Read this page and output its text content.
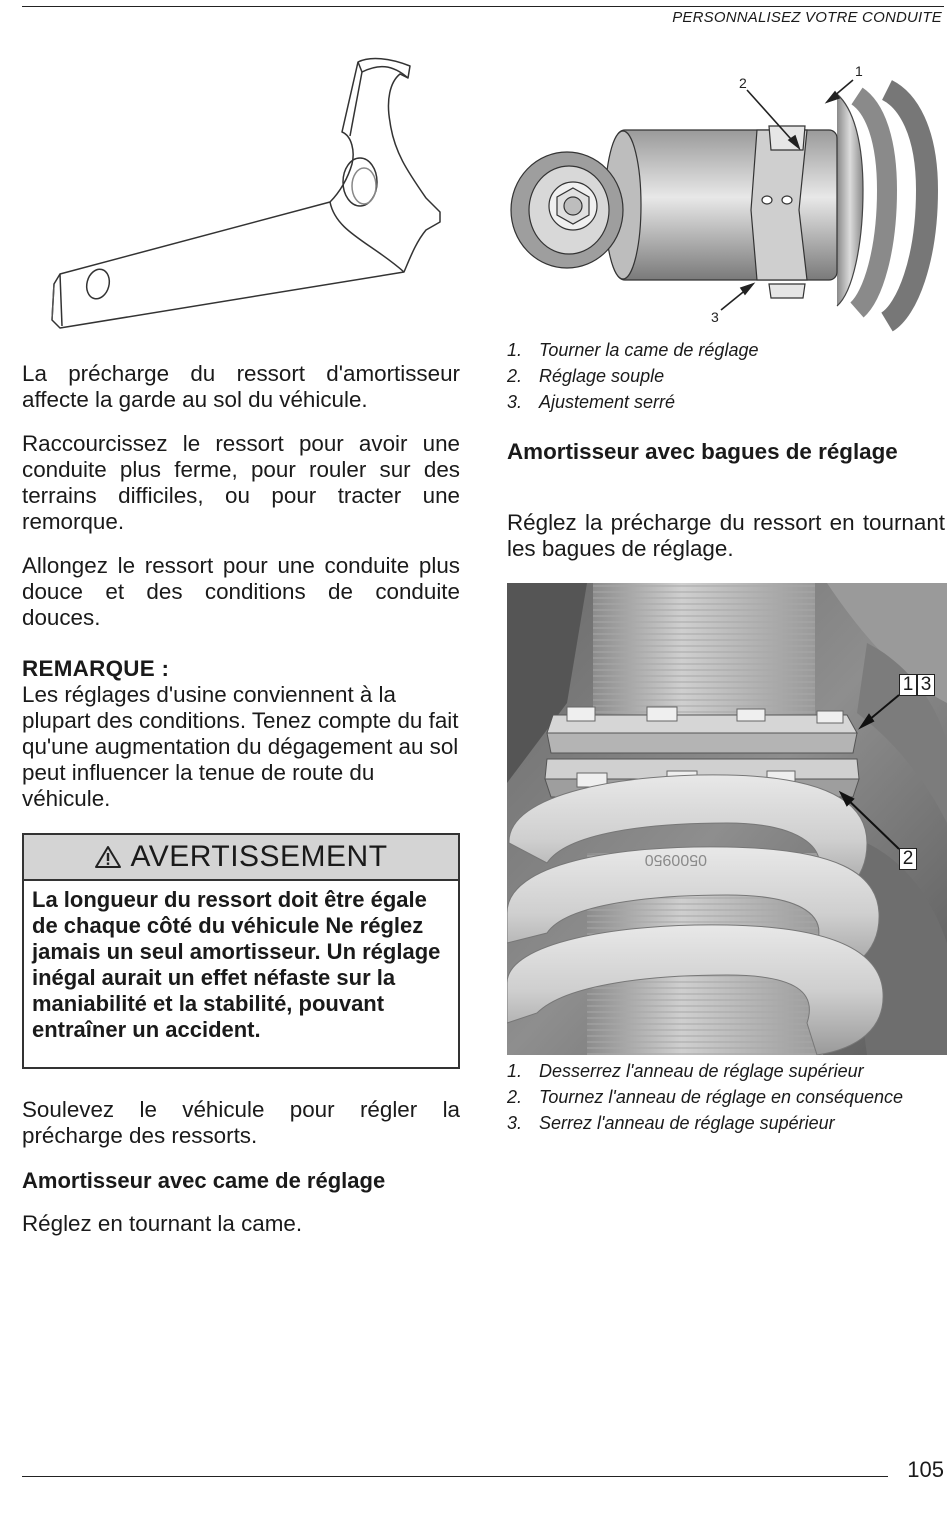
PERSONNALISEZ VOTRE CONDUITE

La précharge du ressort d'amortisseur affecte la garde au sol du véhicule.

Raccourcissez le ressort pour avoir une conduite plus ferme, pour rouler sur des terrains difficiles, ou pour tracter une remorque.

Allongez le ressort pour une conduite plus douce et des conditions de conduite douces.

REMARQUE :

Les réglages d'usine conviennent à la plupart des conditions. Tenez compte du fait qu'une augmentation du dégagement au sol peut influencer la tenue de route du véhicule.

AVERTISSEMENT
La longueur du ressort doit être égale de chaque côté du véhicule Ne réglez jamais un seul amortisseur. Un réglage inégal aurait un effet néfaste sur la maniabilité et la stabilité, pouvant entraîner un accident.

Soulevez le véhicule pour régler la précharge des ressorts.

Amortisseur avec came de réglage

Réglez en tournant la came.

1
2
3
1. Tourner la came de réglage
2. Réglage souple
3. Ajustement serré

Amortisseur avec bagues de réglage

Réglez la précharge du ressort en tournant les bagues de réglage.

0500950
1 3
2
1. Desserrez l'anneau de réglage supérieur
2. Tournez l'anneau de réglage en conséquence
3. Serrez l'anneau de réglage supérieur
105
